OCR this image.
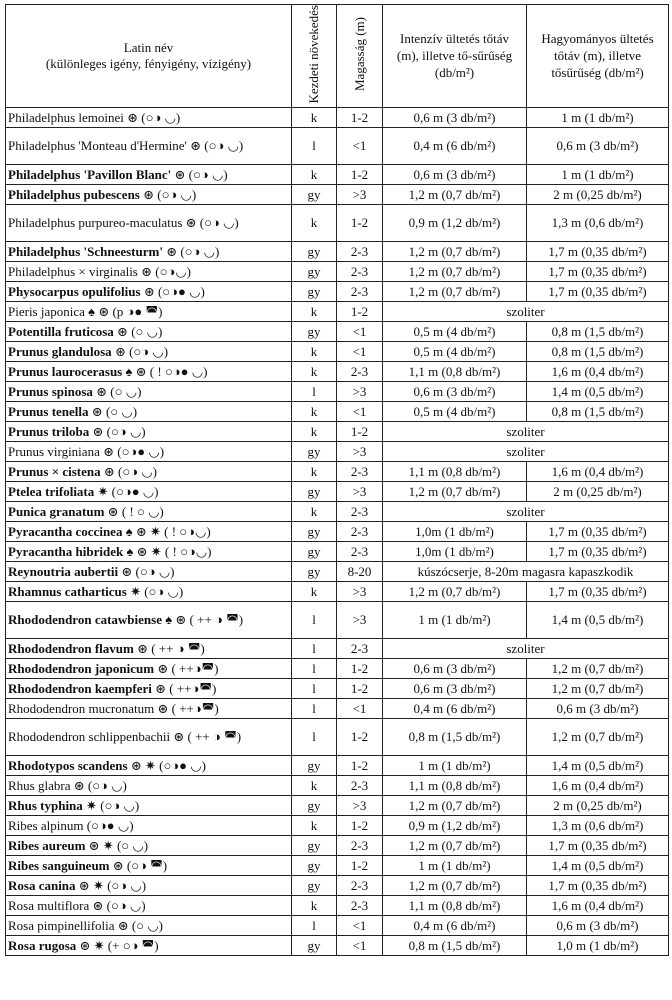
Latin név
(különleges igény, fényigény, vízigény)	Kezdeti növekedés	Magasság (m)	Intenzív ültetés tőtáv (m), illetve tő-sűrűség (db/m²)	Hagyományos ültetés tőtáv (m), illetve tősűrűség (db/m²)
Philadelphus lemoinei ⊛ (○◑ ◡)	k	1-2	0,6 m (3 db/m²)	1 m (1 db/m²)
Philadelphus 'Monteau d'Hermine' ⊛ (○◑ ◡)	l	<1	0,4 m (6 db/m²)	0,6 m (3 db/m²)
Philadelphus 'Pavillon Blanc' ⊛ (○◑ ◡)	k	1-2	0,6 m (3 db/m²)	1 m (1 db/m²)
Philadelphus pubescens ⊛ (○◑ ◡)	gy	>3	1,2 m (0,7 db/m²)	2 m (0,25 db/m²)
Philadelphus purpureo-maculatus ⊛ (○◑ ◡)	k	1-2	0,9 m (1,2 db/m²)	1,3 m (0,6 db/m²)
Philadelphus 'Schneesturm' ⊛ (○◑ ◡)	gy	2-3	1,2 m (0,7 db/m²)	1,7 m (0,35 db/m²)
Philadelphus × virginalis ⊛ (○◑◡)	gy	2-3	1,2 m (0,7 db/m²)	1,7 m (0,35 db/m²)
Physocarpus opulifolius ⊛ (○◑● ◡)	gy	2-3	1,2 m (0,7 db/m²)	1,7 m (0,35 db/m²)
Pieris japonica ♠ ⊛ (p ◑● ◚)	k	1-2	szoliter	
Potentilla fruticosa ⊛ (○ ◡)	gy	<1	0,5 m (4 db/m²)	0,8 m (1,5 db/m²)
Prunus glandulosa ⊛ (○◑ ◡)	k	<1	0,5 m (4 db/m²)	0,8 m (1,5 db/m²)
Prunus laurocerasus ♠ ⊛ ( ! ○◑● ◡)	k	2-3	1,1 m (0,8 db/m²)	1,6 m (0,4 db/m²)
Prunus spinosa ⊛ (○ ◡)	l	>3	0,6 m (3 db/m²)	1,4 m (0,5 db/m²)
Prunus tenella ⊛ (○ ◡)	k	<1	0,5 m (4 db/m²)	0,8 m (1,5 db/m²)
Prunus triloba ⊛ (○◑ ◡)	k	1-2	szoliter	
Prunus virginiana ⊛ (○◑● ◡)	gy	>3	szoliter	
Prunus × cistena ⊛ (○◑ ◡)	k	2-3	1,1 m (0,8 db/m²)	1,6 m (0,4 db/m²)
Ptelea trifoliata ✷ (○◑● ◡)	gy	>3	1,2 m (0,7 db/m²)	2 m (0,25 db/m²)
Punica granatum ⊛ ( ! ○ ◡)	k	2-3	szoliter	
Pyracantha coccinea ♠ ⊛ ✷ ( ! ○◑◡)	gy	2-3	1,0m (1 db/m²)	1,7 m (0,35 db/m²)
Pyracantha hibridek ♠ ⊛ ✷ ( ! ○◑◡)	gy	2-3	1,0m (1 db/m²)	1,7 m (0,35 db/m²)
Reynoutria aubertii ⊛ (○◑ ◡)	gy	8-20	kúszócserje, 8-20m magasra kapaszkodik	
Rhamnus catharticus ✷ (○◑ ◡)	k	>3	1,2 m (0,7 db/m²)	1,7 m (0,35 db/m²)
Rhododendron catawbiense ♠ ⊛ ( ++ ◑ ◚)	l	>3	1 m (1 db/m²)	1,4 m (0,5 db/m²)
Rhododendron flavum ⊛ ( ++ ◑ ◚)	l	2-3	szoliter	
Rhododendron japonicum ⊛ ( ++◑◚)	l	1-2	0,6 m (3 db/m²)	1,2 m (0,7 db/m²)
Rhododendron kaempferi ⊛ ( ++◑◚)	l	1-2	0,6 m (3 db/m²)	1,2 m (0,7 db/m²)
Rhododendron mucronatum ⊛ ( ++◑◚)	l	<1	0,4 m (6 db/m²)	0,6 m (3 db/m²)
Rhododendron schlippenbachii ⊛ ( ++ ◑ ◚)	l	1-2	0,8 m (1,5 db/m²)	1,2 m (0,7 db/m²)
Rhodotypos scandens ⊛ ✷ (○◑● ◡)	gy	1-2	1 m (1 db/m²)	1,4 m (0,5 db/m²)
Rhus glabra ⊛ (○◑ ◡)	k	2-3	1,1 m (0,8 db/m²)	1,6 m (0,4 db/m²)
Rhus typhina ✷ (○◑ ◡)	gy	>3	1,2 m (0,7 db/m²)	2 m (0,25 db/m²)
Ribes alpinum (○◑● ◡)	k	1-2	0,9 m (1,2 db/m²)	1,3 m (0,6 db/m²)
Ribes aureum ⊛ ✷ (○ ◡)	gy	2-3	1,2 m (0,7 db/m²)	1,7 m (0,35 db/m²)
Ribes sanguineum ⊛ (○◑ ◚)	gy	1-2	1 m (1 db/m²)	1,4 m (0,5 db/m²)
Rosa canina ⊛ ✷ (○◑ ◡)	gy	2-3	1,2 m (0,7 db/m²)	1,7 m (0,35 db/m²)
Rosa multiflora ⊛ (○◑ ◡)	k	2-3	1,1 m (0,8 db/m²)	1,6 m (0,4 db/m²)
Rosa pimpinellifolia ⊛ (○ ◡)	l	<1	0,4 m (6 db/m²)	0,6 m (3 db/m²)
Rosa rugosa ⊛ ✷ (+ ○◑ ◚)	gy	<1	0,8 m (1,5 db/m²)	1,0 m (1 db/m²)
